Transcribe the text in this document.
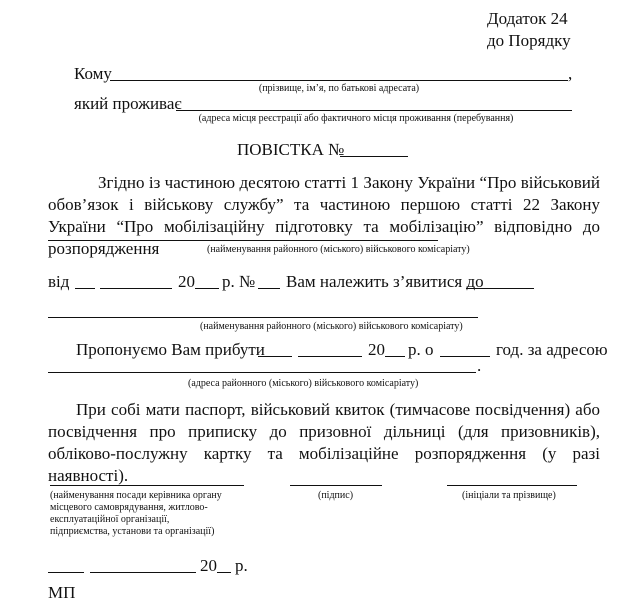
Додаток 24
до Порядку
Кому	,
(прізвище, ім’я, по батькові адресата)
який проживає
(адреса місця реєстрації або фактичного місця проживання (перебування)
ПОВІСТКА №
Згідно із частиною десятою статті 1 Закону України “Про військовий обов’язок і військову службу” та частиною першою статті 22 Закону України “Про мобілізаційну підготовку та мобілізацію” відповідно до розпорядження	(найменування районного (міського) військового комісаріату)
від	20 р. № Вам належить з’явитися до
(найменування районного (міського) військового комісаріату)
Пропонуємо Вам прибути	20 р. о	год. за адресою
.
(адреса районного (міського) військового комісаріату)
При собі мати паспорт, військовий квиток (тимчасове посвідчення) або посвідчення про приписку до призовної дільниці (для призовників), обліково-послужну картку та мобілізаційне розпорядження (у разі наявності).
(найменування посади керівника органу
місцевого самоврядування, житлово-
експлуатаційної організації,
підприємства, установи та організації)
(підпис)	(ініціали та прізвище)
20 р.
МП
